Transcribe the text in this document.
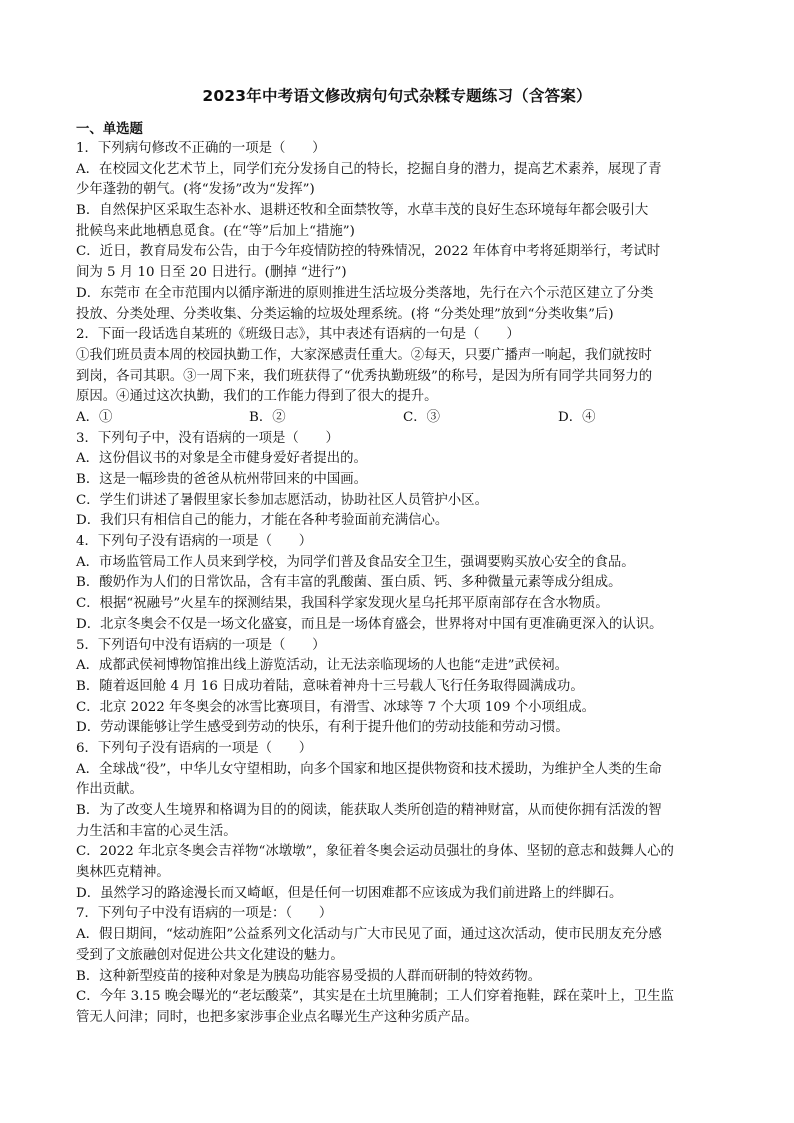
2023年中考语文修改病句句式杂糅专题练习（含答案）
一、单选题
1．下列病句修改不正确的一项是（　　）
A．在校园文化艺术节上，同学们充分发扬自己的特长，挖掘自身的潜力，提高艺术素养，展现了青
少年蓬勃的朝气。(将“发扬”改为“发挥”)
B．自然保护区采取生态补水、退耕还牧和全面禁牧等，水草丰茂的良好生态环境每年都会吸引大
批候鸟来此地栖息觅食。(在“等”后加上“措施”)
C．近日，教育局发布公告，由于今年疫情防控的特殊情况，2022 年体育中考将延期举行，考试时
间为 5 月 10 日至 20 日进行。(删掉 “进行”)
D．东莞市 在全市范围内以循序渐进的原则推进生活垃圾分类落地，先行在六个示范区建立了分类
投放、分类处理、分类收集、分类运输的垃圾处理系统。(将 “分类处理”放到“分类收集”后)
2．下面一段话选自某班的《班级日志》，其中表述有语病的一句是（　　）
①我们班员责本周的校园执勤工作，大家深感责任重大。②每天，只要广播声一响起，我们就按时
到岗，各司其职。③一周下来，我们班获得了“优秀执勤班级”的称号，是因为所有同学共同努力的
原因。④通过这次执勤，我们的工作能力得到了很大的提升。
A．①	B．②	C．③	D．④
3．下列句子中，没有语病的一项是（　　）
A．这份倡议书的对象是全市健身爱好者提出的。
B．这是一幅珍贵的爸爸从杭州带回来的中国画。
C．学生们讲述了暑假里家长参加志愿活动，协助社区人员管护小区。
D．我们只有相信自己的能力，才能在各种考验面前充满信心。
4．下列句子没有语病的一项是（　　）
A．市场监管局工作人员来到学校，为同学们普及食品安全卫生，强调要购买放心安全的食品。
B．酸奶作为人们的日常饮品，含有丰富的乳酸菌、蛋白质、钙、多种微量元素等成分组成。
C．根据“祝融号”火星车的探测结果，我国科学家发现火星乌托邦平原南部存在含水物质。
D．北京冬奥会不仅是一场文化盛宴，而且是一场体育盛会，世界将对中国有更准确更深入的认识。
5．下列语句中没有语病的一项是（　　）
A．成都武侯祠博物馆推出线上游览活动，让无法亲临现场的人也能“走进”武侯祠。
B．随着返回舱 4 月 16 日成功着陆，意味着神舟十三号载人飞行任务取得圆满成功。
C．北京 2022 年冬奥会的冰雪比赛项目，有滑雪、冰球等 7 个大项 109 个小项组成。
D．劳动课能够让学生感受到劳动的快乐，有利于提升他们的劳动技能和劳动习惯。
6．下列句子没有语病的一项是（　　）
A．全球战“役”，中华儿女守望相助，向多个国家和地区提供物资和技术援助，为维护全人类的生命
作出贡献。
B．为了改变人生境界和格调为目的的阅读，能获取人类所创造的精神财富，从而使你拥有活泼的智
力生活和丰富的心灵生活。
C．2022 年北京冬奥会吉祥物“冰墩墩”，象征着冬奥会运动员强壮的身体、坚韧的意志和鼓舞人心的
奥林匹克精神。
D．虽然学习的路途漫长而又崎岖，但是任何一切困难都不应该成为我们前进路上的绊脚石。
7．下列句子中没有语病的一项是：（　　）
A．假日期间，“炫动旌阳”公益系列文化活动与广大市民见了面，通过这次活动，使市民朋友充分感
受到了文旅融创对促进公共文化建设的魅力。
B．这种新型疫苗的接种对象是为胰岛功能容易受损的人群而研制的特效药物。
C．今年 3.15 晚会曝光的“老坛酸菜”，其实是在土坑里腌制；工人们穿着拖鞋，踩在菜叶上，卫生监
管无人问津；同时，也把多家涉事企业点名曝光生产这种劣质产品。
